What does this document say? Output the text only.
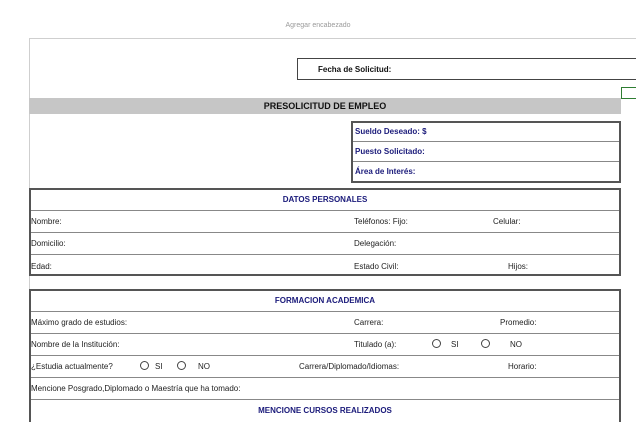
Agregar encabezado
Fecha de Solicitud:
PRESOLICITUD DE EMPLEO
Sueldo Deseado: $
Puesto Solicitado:
Área de Interés:
DATOS PERSONALES
Nombre:	Teléfonos: Fijo:	Celular:
Domicilio:	Delegación:
Edad:	Estado Civil:	Hijos:
FORMACION ACADEMICA
Máximo grado de estudios:	Carrera:	Promedio:
Nombre de la Institución:	Titulado (a):	SI	NO
¿Estudia actualmente?	SI	NO	Carrera/Diplomado/Idiomas:	Horario:
Mencione Posgrado,Diplomado o Maestría que ha tomado:
MENCIONE CURSOS REALIZADOS
